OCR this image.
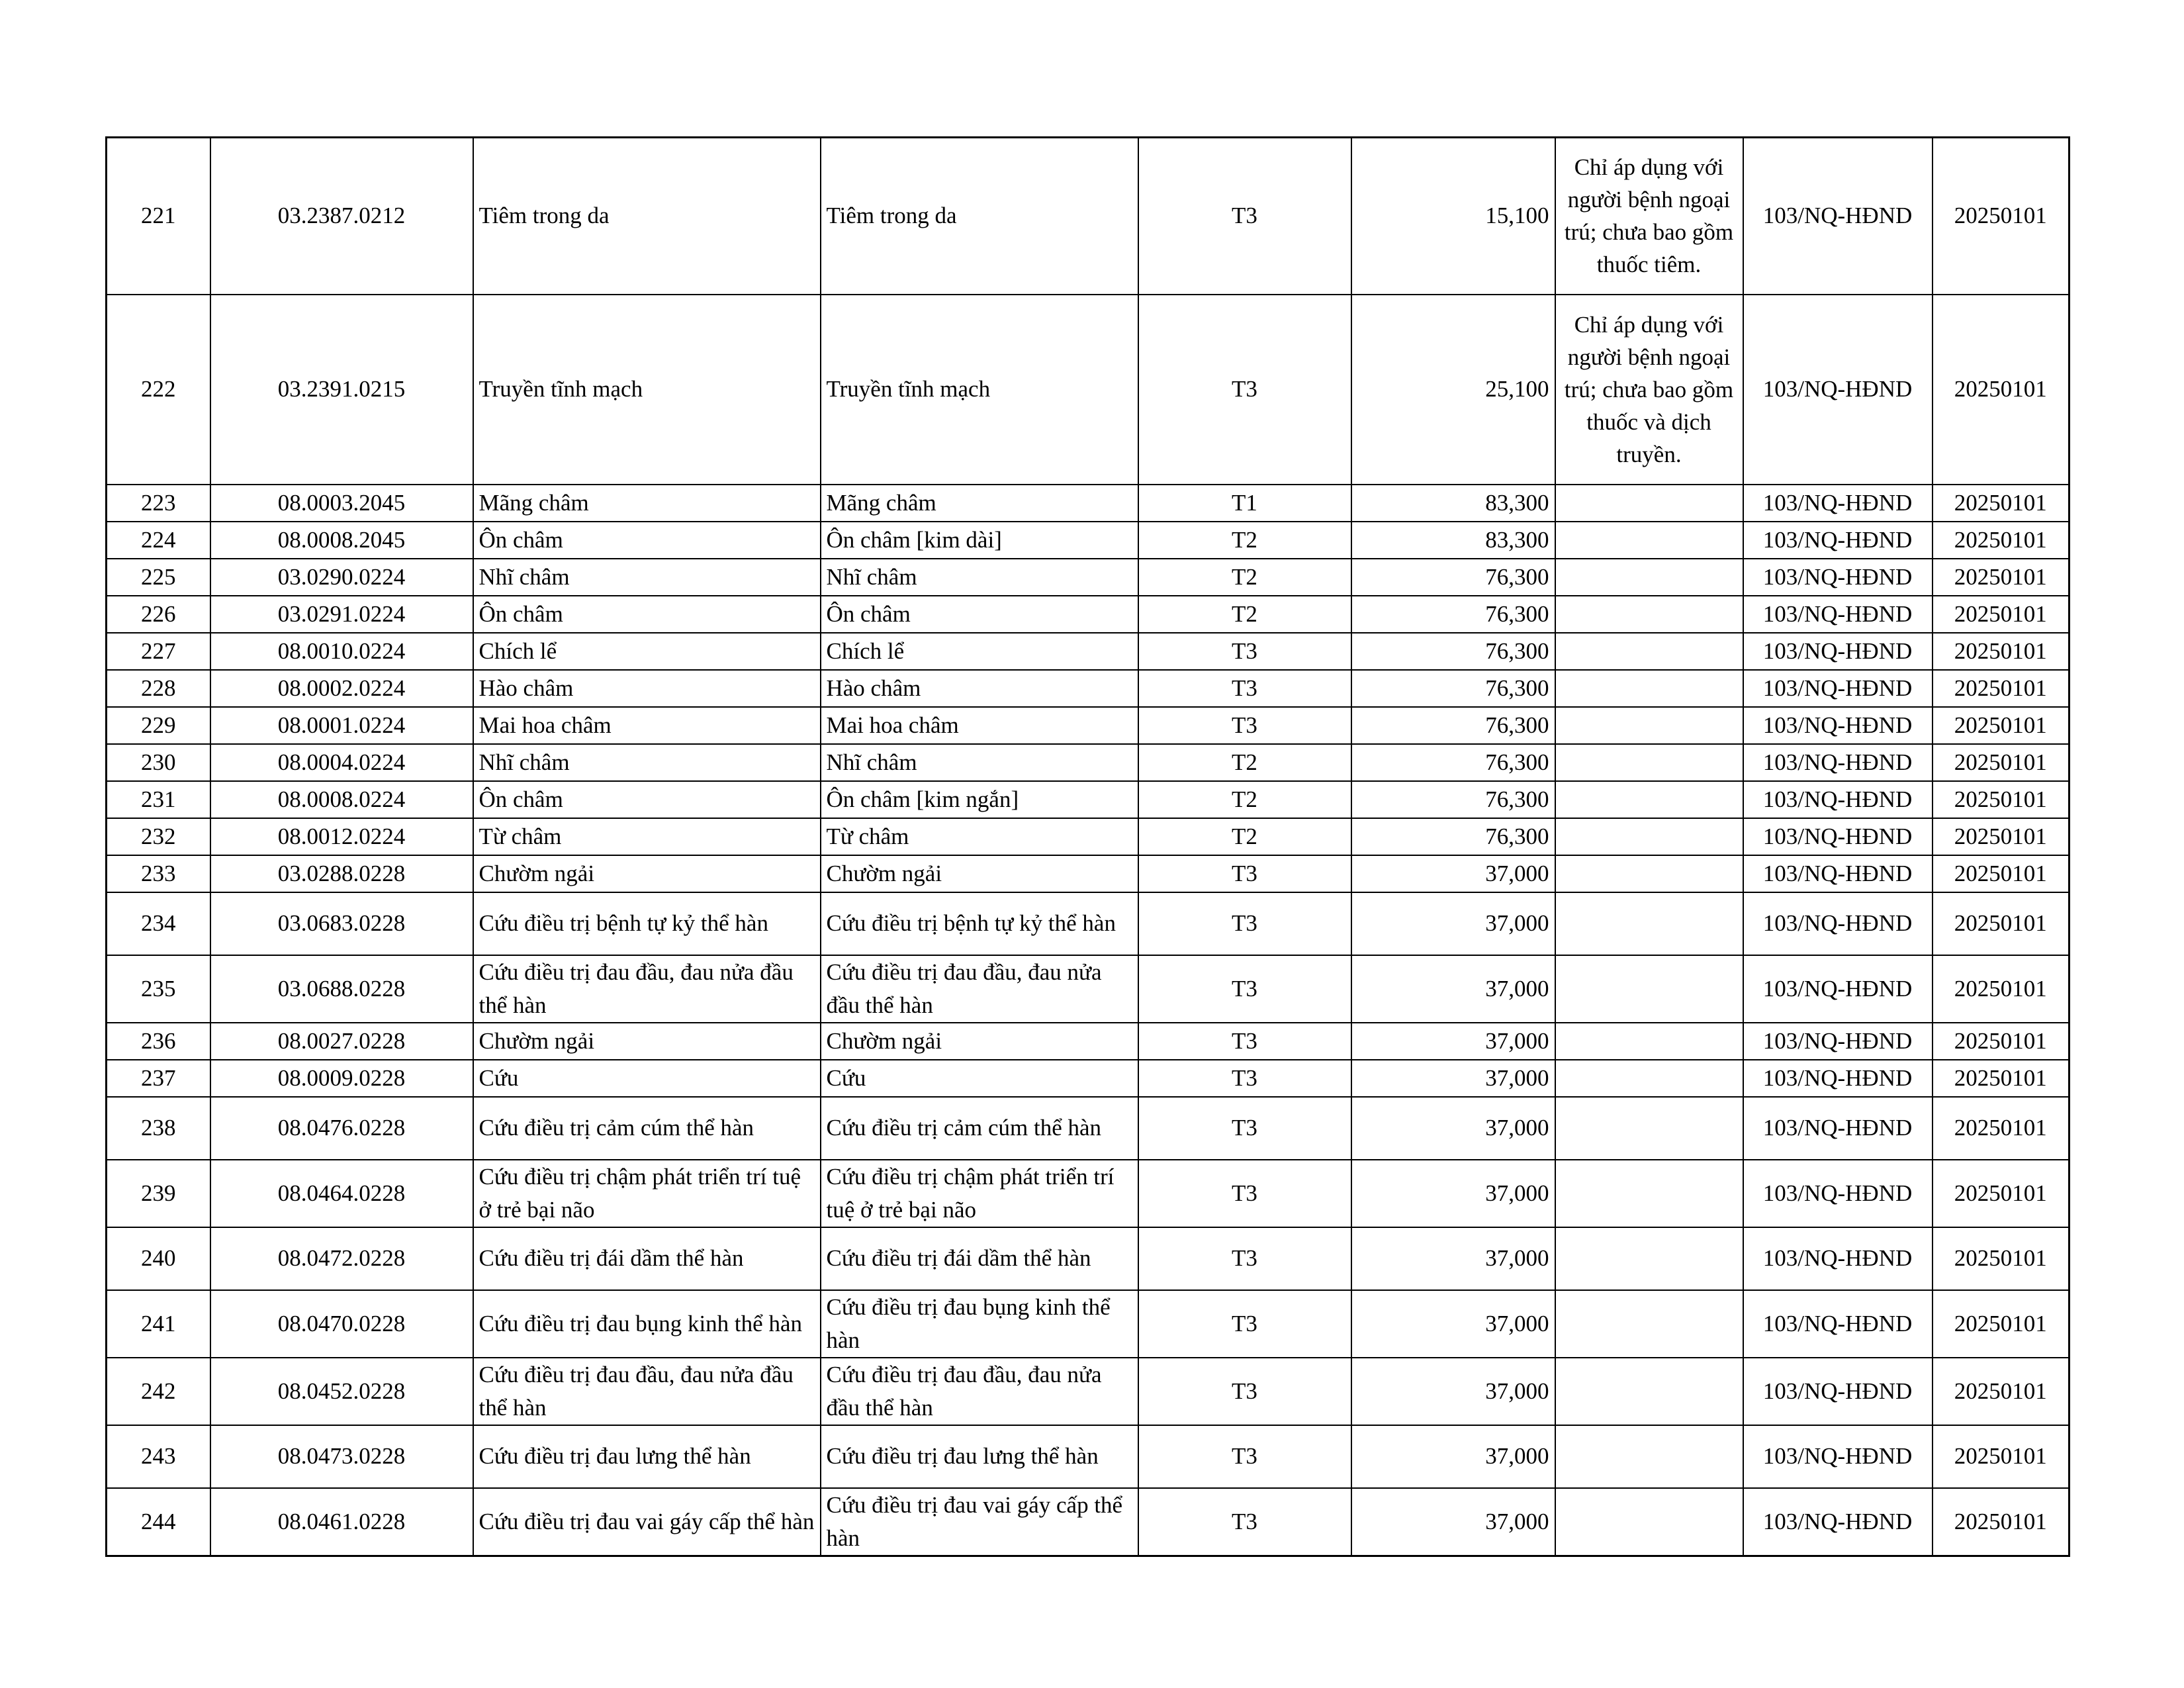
221	03.2387.0212	Tiêm trong da	Tiêm trong da	T3	15,100	Chỉ áp dụng với người bệnh ngoại trú; chưa bao gồm thuốc tiêm.	103/NQ-HĐND	20250101
222	03.2391.0215	Truyền tĩnh mạch	Truyền tĩnh mạch	T3	25,100	Chỉ áp dụng với người bệnh ngoại trú; chưa bao gồm thuốc và dịch truyền.	103/NQ-HĐND	20250101
223	08.0003.2045	Mãng châm	Mãng châm	T1	83,300		103/NQ-HĐND	20250101
224	08.0008.2045	Ôn châm	Ôn châm [kim dài]	T2	83,300		103/NQ-HĐND	20250101
225	03.0290.0224	Nhĩ châm	Nhĩ châm	T2	76,300		103/NQ-HĐND	20250101
226	03.0291.0224	Ôn châm	Ôn châm	T2	76,300		103/NQ-HĐND	20250101
227	08.0010.0224	Chích lể	Chích lể	T3	76,300		103/NQ-HĐND	20250101
228	08.0002.0224	Hào châm	Hào châm	T3	76,300		103/NQ-HĐND	20250101
229	08.0001.0224	Mai hoa châm	Mai hoa châm	T3	76,300		103/NQ-HĐND	20250101
230	08.0004.0224	Nhĩ châm	Nhĩ châm	T2	76,300		103/NQ-HĐND	20250101
231	08.0008.0224	Ôn châm	Ôn châm [kim ngắn]	T2	76,300		103/NQ-HĐND	20250101
232	08.0012.0224	Từ châm	Từ châm	T2	76,300		103/NQ-HĐND	20250101
233	03.0288.0228	Chườm ngải	Chườm ngải	T3	37,000		103/NQ-HĐND	20250101
234	03.0683.0228	Cứu điều trị bệnh tự kỷ thể hàn	Cứu điều trị bệnh tự kỷ thể hàn	T3	37,000		103/NQ-HĐND	20250101
235	03.0688.0228	Cứu điều trị đau đầu, đau nửa đầu thể hàn	Cứu điều trị đau đầu, đau nửa đầu thể hàn	T3	37,000		103/NQ-HĐND	20250101
236	08.0027.0228	Chườm ngải	Chườm ngải	T3	37,000		103/NQ-HĐND	20250101
237	08.0009.0228	Cứu	Cứu	T3	37,000		103/NQ-HĐND	20250101
238	08.0476.0228	Cứu điều trị cảm cúm thể hàn	Cứu điều trị cảm cúm thể hàn	T3	37,000		103/NQ-HĐND	20250101
239	08.0464.0228	Cứu điều trị chậm phát triển trí tuệ ở trẻ bại não	Cứu điều trị chậm phát triển trí tuệ ở trẻ bại não	T3	37,000		103/NQ-HĐND	20250101
240	08.0472.0228	Cứu điều trị đái dầm thể hàn	Cứu điều trị đái dầm thể hàn	T3	37,000		103/NQ-HĐND	20250101
241	08.0470.0228	Cứu điều trị đau bụng kinh thể hàn	Cứu điều trị đau bụng kinh thể hàn	T3	37,000		103/NQ-HĐND	20250101
242	08.0452.0228	Cứu điều trị đau đầu, đau nửa đầu thể hàn	Cứu điều trị đau đầu, đau nửa đầu thể hàn	T3	37,000		103/NQ-HĐND	20250101
243	08.0473.0228	Cứu điều trị đau lưng thể hàn	Cứu điều trị đau lưng thể hàn	T3	37,000		103/NQ-HĐND	20250101
244	08.0461.0228	Cứu điều trị đau vai gáy cấp thể hàn	Cứu điều trị đau vai gáy cấp thể hàn	T3	37,000		103/NQ-HĐND	20250101
